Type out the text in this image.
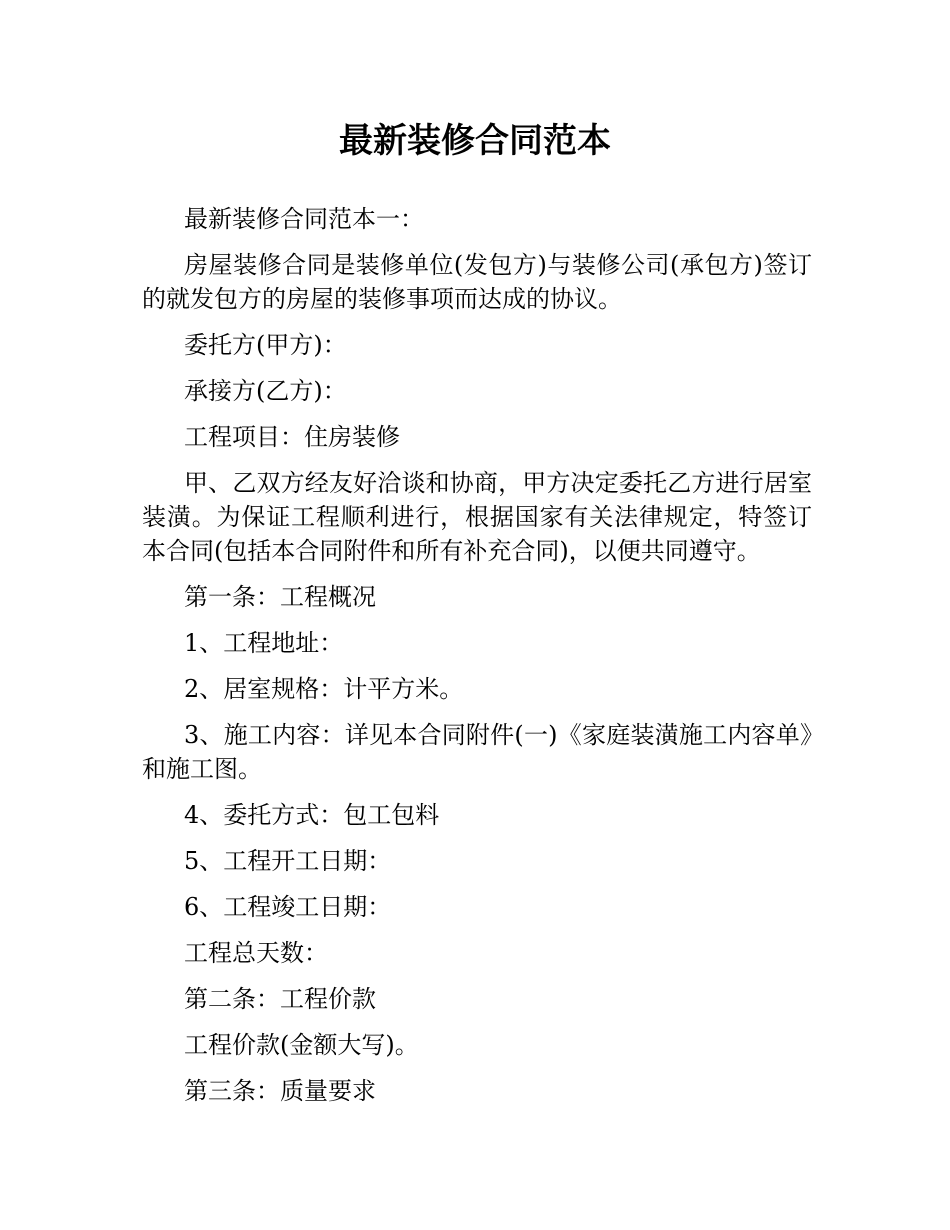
最新装修合同范本

最新装修合同范本一：

房屋装修合同是装修单位(发包方)与装修公司(承包方)签订的就发包方的房屋的装修事项而达成的协议。

委托方(甲方)：

承接方(乙方)：

工程项目：住房装修

甲、乙双方经友好洽谈和协商，甲方决定委托乙方进行居室装潢。为保证工程顺利进行，根据国家有关法律规定，特签订本合同(包括本合同附件和所有补充合同)，以便共同遵守。

第一条：工程概况

1、工程地址：

2、居室规格：计平方米。

3、施工内容：详见本合同附件(一)《家庭装潢施工内容单》和施工图。

4、委托方式：包工包料

5、工程开工日期：

6、工程竣工日期：

工程总天数：

第二条：工程价款

工程价款(金额大写)。

第三条：质量要求
